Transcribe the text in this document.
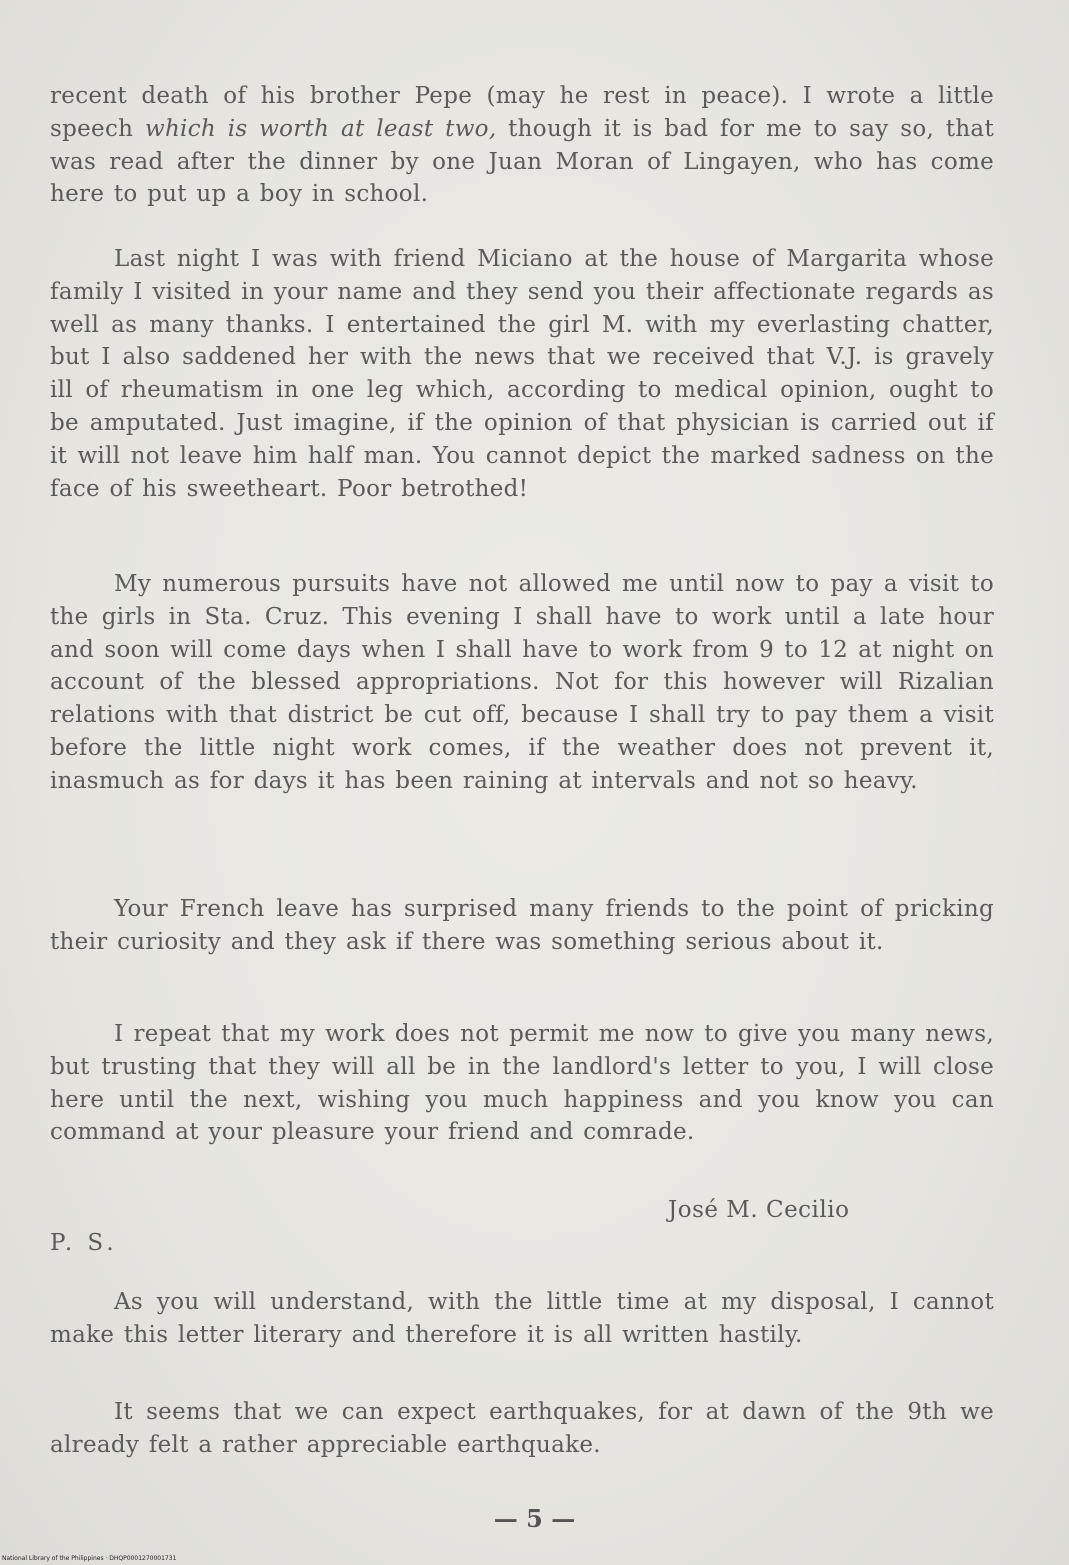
recent death of his brother Pepe (may he rest in peace). I wrote a little speech which is worth at least two, though it is bad for me to say so, that was read after the dinner by one Juan Moran of Lingayen, who has come here to put up a boy in school.
Last night I was with friend Miciano at the house of Margarita whose family I visited in your name and they send you their affectionate regards as well as many thanks. I entertained the girl M. with my everlasting chatter, but I also saddened her with the news that we received that V.J. is gravely ill of rheumatism in one leg which, according to medical opinion, ought to be amputated. Just imagine, if the opinion of that physician is carried out if it will not leave him half man. You cannot depict the marked sadness on the face of his sweetheart. Poor betrothed!
My numerous pursuits have not allowed me until now to pay a visit to the girls in Sta. Cruz. This evening I shall have to work until a late hour and soon will come days when I shall have to work from 9 to 12 at night on account of the blessed appropriations. Not for this however will Rizalian relations with that district be cut off, because I shall try to pay them a visit before the little night work comes, if the weather does not prevent it, inasmuch as for days it has been raining at intervals and not so heavy.
Your French leave has surprised many friends to the point of pricking their curiosity and they ask if there was something serious about it.
I repeat that my work does not permit me now to give you many news, but trusting that they will all be in the landlord's letter to you, I will close here until the next, wishing you much happiness and you know you can command at your pleasure your friend and comrade.
José M. Cecilio
P. S.
As you will understand, with the little time at my disposal, I cannot make this letter literary and therefore it is all written hastily.
It seems that we can expect earthquakes, for at dawn of the 9th we already felt a rather appreciable earthquake.
— 5 —
National Library of the Philippines · DHQP0001270001731
